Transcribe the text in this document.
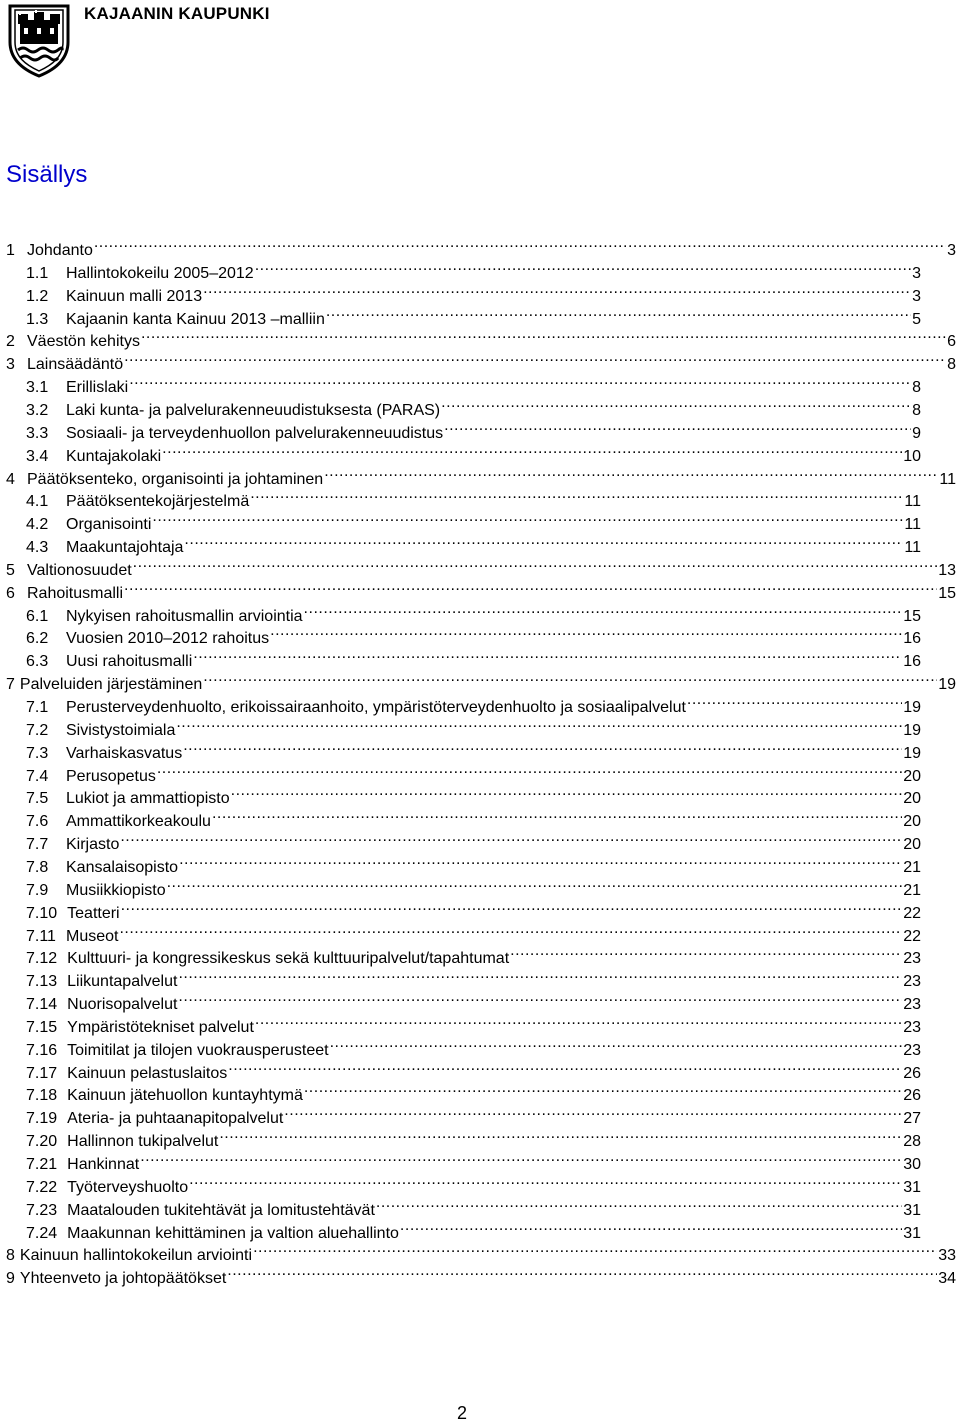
KAJAANIN KAUPUNKI
Sisällys
1 Johdanto .....	3
1.1	Hallintokokeilu 2005–2012 .....	3
1.2	Kainuun malli 2013 .....	3
1.3	Kajaanin kanta Kainuu 2013 –malliin .....	5
2 Väestön kehitys .....	6
3 Lainsäädäntö .....	8
3.1	Erillislaki .....	8
3.2	Laki kunta- ja palvelurakenneuudistuksesta (PARAS) .....	8
3.3	Sosiaali- ja terveydenhuollon palvelurakenneuudistus .....	9
3.4	Kuntajakolaki .....	10
4 Päätöksenteko, organisointi ja johtaminen .....	11
4.1	Päätöksentekojärjestelmä .....	11
4.2	Organisointi .....	11
4.3	Maakuntajohtaja .....	11
5 Valtionosuudet .....	13
6 Rahoitusmalli .....	15
6.1	Nykyisen rahoitusmallin arviointia .....	15
6.2	Vuosien 2010–2012 rahoitus .....	16
6.3	Uusi rahoitusmalli .....	16
7 Palveluiden järjestäminen .....	19
7.1	Perusterveydenhuolto, erikoissairaanhoito, ympäristöterveydenhuolto ja sosiaalipalvelut .....	19
7.2	Sivistystoimiala .....	19
7.3	Varhaiskasvatus .....	19
7.4	Perusopetus .....	20
7.5	Lukiot ja ammattiopisto .....	20
7.6	Ammattikorkeakoulu .....	20
7.7	Kirjasto .....	20
7.8	Kansalaisopisto .....	21
7.9	Musiikkiopisto .....	21
7.10 Teatteri .....	22
7.11 Museot .....	22
7.12 Kulttuuri- ja kongressikeskus sekä kulttuuripalvelut/tapahtumat .....	23
7.13 Liikuntapalvelut .....	23
7.14 Nuorisopalvelut .....	23
7.15 Ympäristötekniset palvelut .....	23
7.16 Toimitilat ja tilojen vuokrausperusteet .....	23
7.17 Kainuun pelastuslaitos .....	26
7.18 Kainuun jätehuollon kuntayhtymä .....	26
7.19 Ateria- ja puhtaanapitopalvelut .....	27
7.20 Hallinnon tukipalvelut .....	28
7.21 Hankinnat .....	30
7.22 Työterveyshuolto .....	31
7.23 Maatalouden tukitehtävät ja lomitustehtävät .....	31
7.24 Maakunnan kehittäminen ja valtion aluehallinto .....	31
8 Kainuun hallintokokeilun arviointi .....	33
9 Yhteenveto ja johtopäätökset .....	34
2
